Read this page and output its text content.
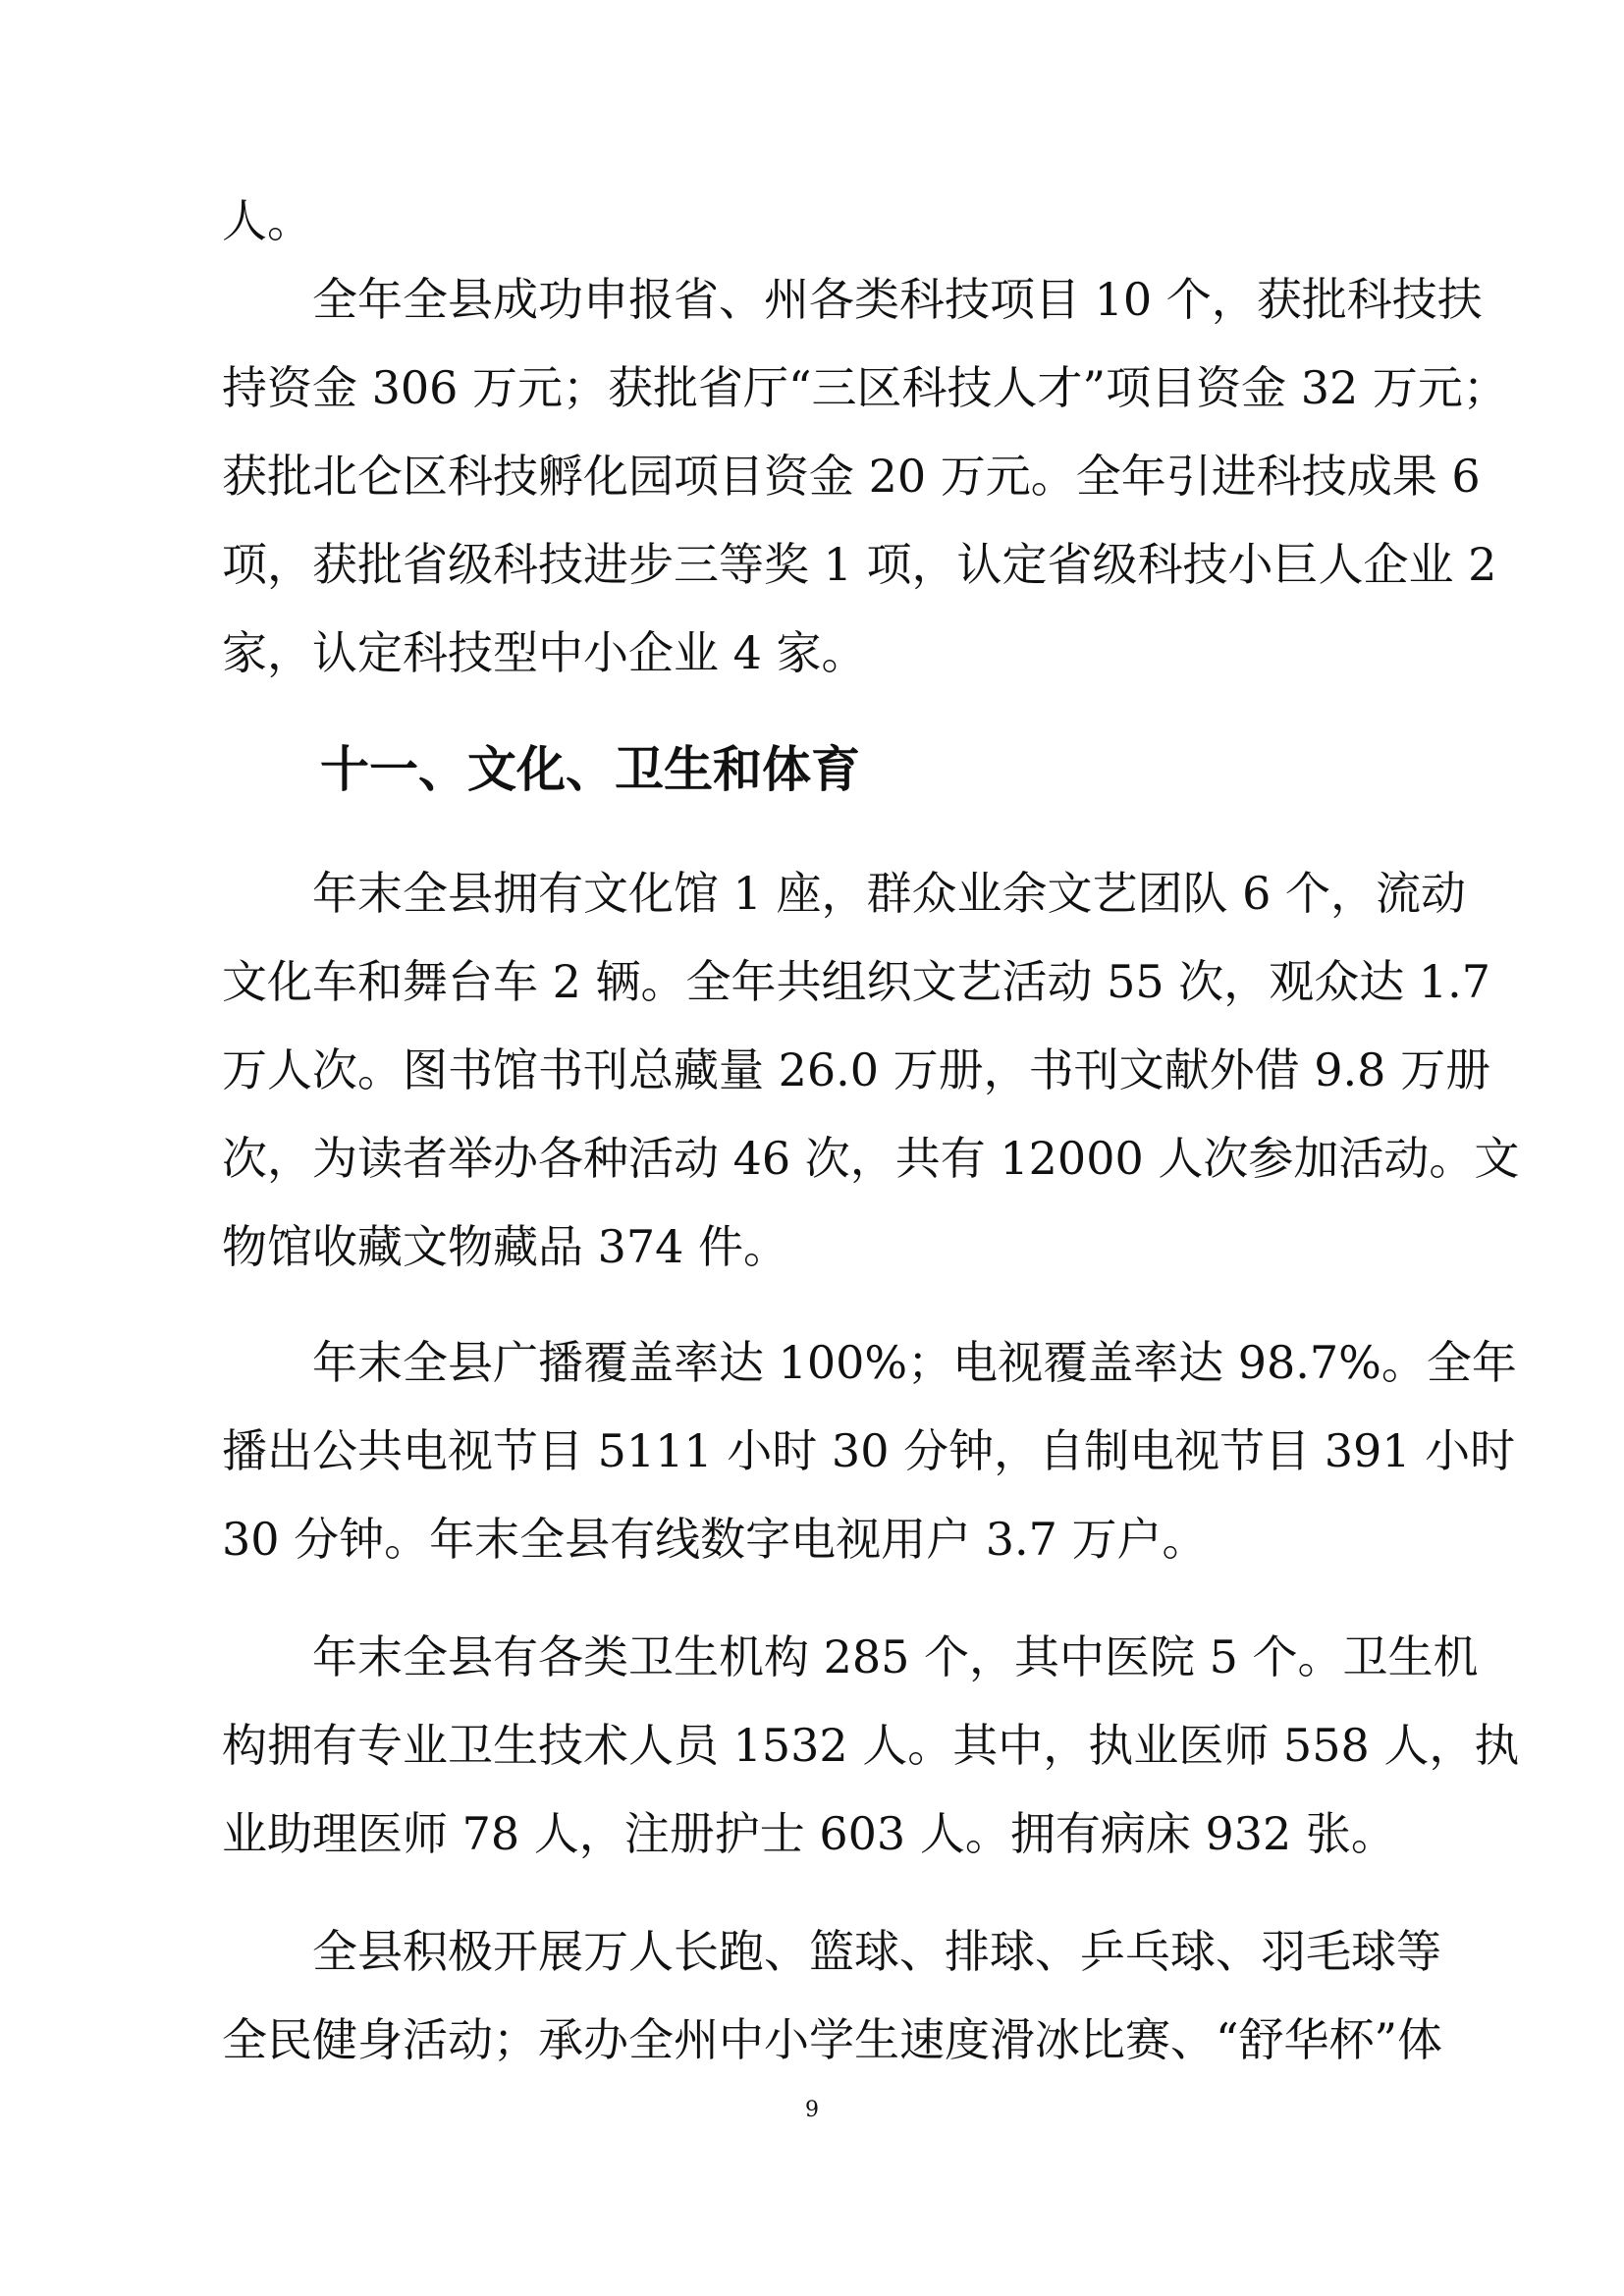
人。
全年全县成功申报省、州各类科技项目 10 个，获批科技扶
持资金 306 万元；获批省厅“三区科技人才”项目资金 32 万元；
获批北仑区科技孵化园项目资金 20 万元。全年引进科技成果 6
项，获批省级科技进步三等奖 1 项，认定省级科技小巨人企业 2
家，认定科技型中小企业 4 家。
十一、文化、卫生和体育
年末全县拥有文化馆 1 座，群众业余文艺团队 6 个，流动
文化车和舞台车 2 辆。全年共组织文艺活动 55 次，观众达 1.7
万人次。图书馆书刊总藏量 26.0 万册，书刊文献外借 9.8 万册
次，为读者举办各种活动 46 次，共有 12000 人次参加活动。文
物馆收藏文物藏品 374 件。
年末全县广播覆盖率达 100%；电视覆盖率达 98.7%。全年
播出公共电视节目 5111 小时 30 分钟，自制电视节目 391 小时
30 分钟。年末全县有线数字电视用户 3.7 万户。
年末全县有各类卫生机构 285 个，其中医院 5 个。卫生机
构拥有专业卫生技术人员 1532 人。其中，执业医师 558 人，执
业助理医师 78 人，注册护士 603 人。拥有病床 932 张。
全县积极开展万人长跑、篮球、排球、乒乓球、羽毛球等
全民健身活动；承办全州中小学生速度滑冰比赛、“舒华杯”体
9
